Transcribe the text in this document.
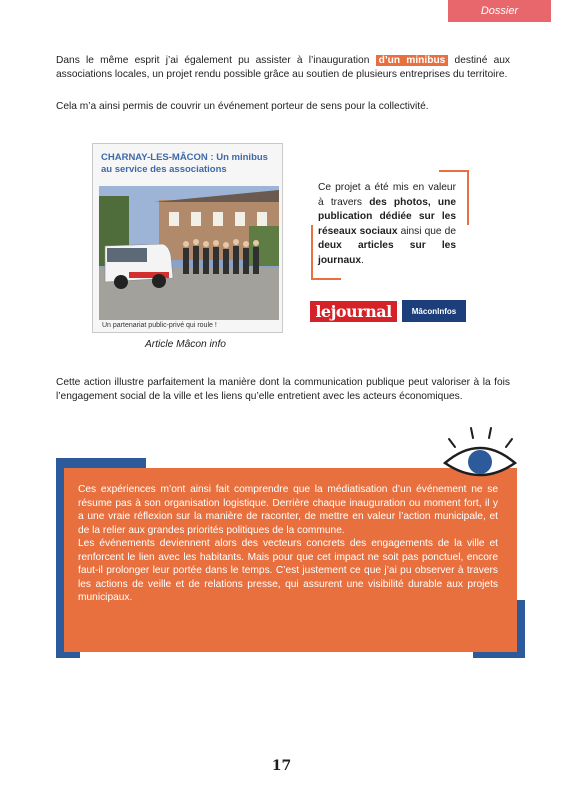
Dossier

Dans le même esprit j’ai également pu assister à l’inauguration d’un minibus destiné aux associations locales, un projet rendu possible grâce au soutien de plusieurs entreprises du territoire.

Cela m’a ainsi permis de couvrir un événement porteur de sens pour la collectivité.

CHARNAY-LES-MÂCON : Un minibus au service des associations
Un partenariat public-privé qui roule !
Article Mâcon info

Ce projet a été mis en valeur à travers des photos, une publication dédiée sur les réseaux sociaux ainsi que de deux articles sur les journaux.

lejournal	MâconInfos

Cette action illustre parfaitement la manière dont la communication publique peut valoriser à la fois l’engagement social de la ville et les liens qu’elle entretient avec les acteurs économiques.

Ces expériences m’ont ainsi fait comprendre que la médiatisation d’un événement ne se résume pas à son organisation logistique. Derrière chaque inauguration ou moment fort, il y a une vraie réflexion sur la manière de raconter, de mettre en valeur l’action municipale, et de la relier aux grandes priorités politiques de la commune.

Les événements deviennent alors des vecteurs concrets des engagements de la ville et renforcent le lien avec les habitants. Mais pour que cet impact ne soit pas ponctuel, encore faut-il prolonger leur portée dans le temps. C’est justement ce que j’ai pu observer à travers les actions de veille et de relations presse, qui assurent une visibilité durable aux projets municipaux.

17
